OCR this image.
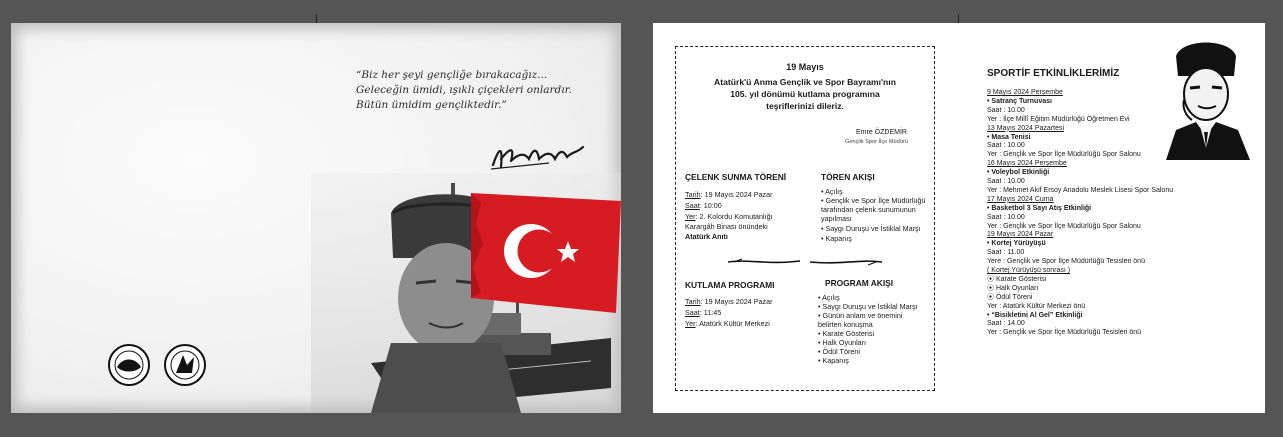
“Biz her şeyi gençliğe bırakacağız...
Geleceğin ümidi, ışıklı çiçekleri onlardır.
Bütün ümidim gençliktedir.”
19 Mayıs
Atatürk'ü Anma Gençlik ve Spor Bayramı'nın
105. yıl dönümü kutlama programına
teşriflerinizi dileriz.
Emre ÖZDEMİR
Gençlik Spor İlçe Müdürü
ÇELENK SUNMA TÖRENİ
Tarih: 19 Mayıs 2024 Pazar
Saat: 10:00
Yer: 2. Kolordu Komutanlığı
Karargâh Binası önündeki
Atatürk Anıtı
TÖREN AKIŞI
• Açılış
• Gençlik ve Spor İlçe Müdürlüğü
tarafından çelenk sunumunun
yapılması
• Saygı Duruşu ve İstiklal Marşı
• Kapanış
KUTLAMA PROGRAMI
Tarih: 19 Mayıs 2024 Pazar
Saat: 11:45
Yer: Atatürk Kültür Merkezi
PROGRAM AKIŞI
• Açılış
• Saygı Duruşu ve İstiklal Marşı
• Günün anlam ve önemini
belirten konuşma
• Karate Gösterisi
• Halk Oyunları
• Ödül Töreni
• Kapanış
SPORTİF ETKİNLİKLERİMİZ
9 Mayıs 2024 Perşembe
• Satranç Turnuvası
Saat : 10.00
Yer : İlçe Millî Eğitim Müdürlüğü Öğretmen Evi
13 Mayıs 2024 Pazartesi
• Masa Tenisi
Saat : 10.00
Yer : Gençlik ve Spor İlçe Müdürlüğü Spor Salonu
16 Mayıs 2024 Perşembe
• Voleybol Etkinliği
Saat : 10.00
Yer : Mehmet Akif Ersoy Anadolu Meslek Lisesi Spor Salonu
17 Mayıs 2024 Cuma
• Basketbol 3 Sayı Atış Etkinliği
Saat : 10.00
Yer : Gençlik ve Spor İlçe Müdürlüğü Spor Salonu
19 Mayıs 2024 Pazar
• Kortej Yürüyüşü
Saat : 11.00
Yere : Gençlik ve Spor İlçe Müdürlüğü Tesisleri önü
( Kortej Yürüyüşü sonrası )
⦿ Karate Gösterisi
⦿ Halk Oyunları
⦿ Ödül Töreni
Yer : Atatürk Kültür Merkezi önü
• “Bisikletini Al Gel” Etkinliği
Saat : 14.00
Yer : Gençlik ve Spor İlçe Müdürlüğü Tesisleri önü
